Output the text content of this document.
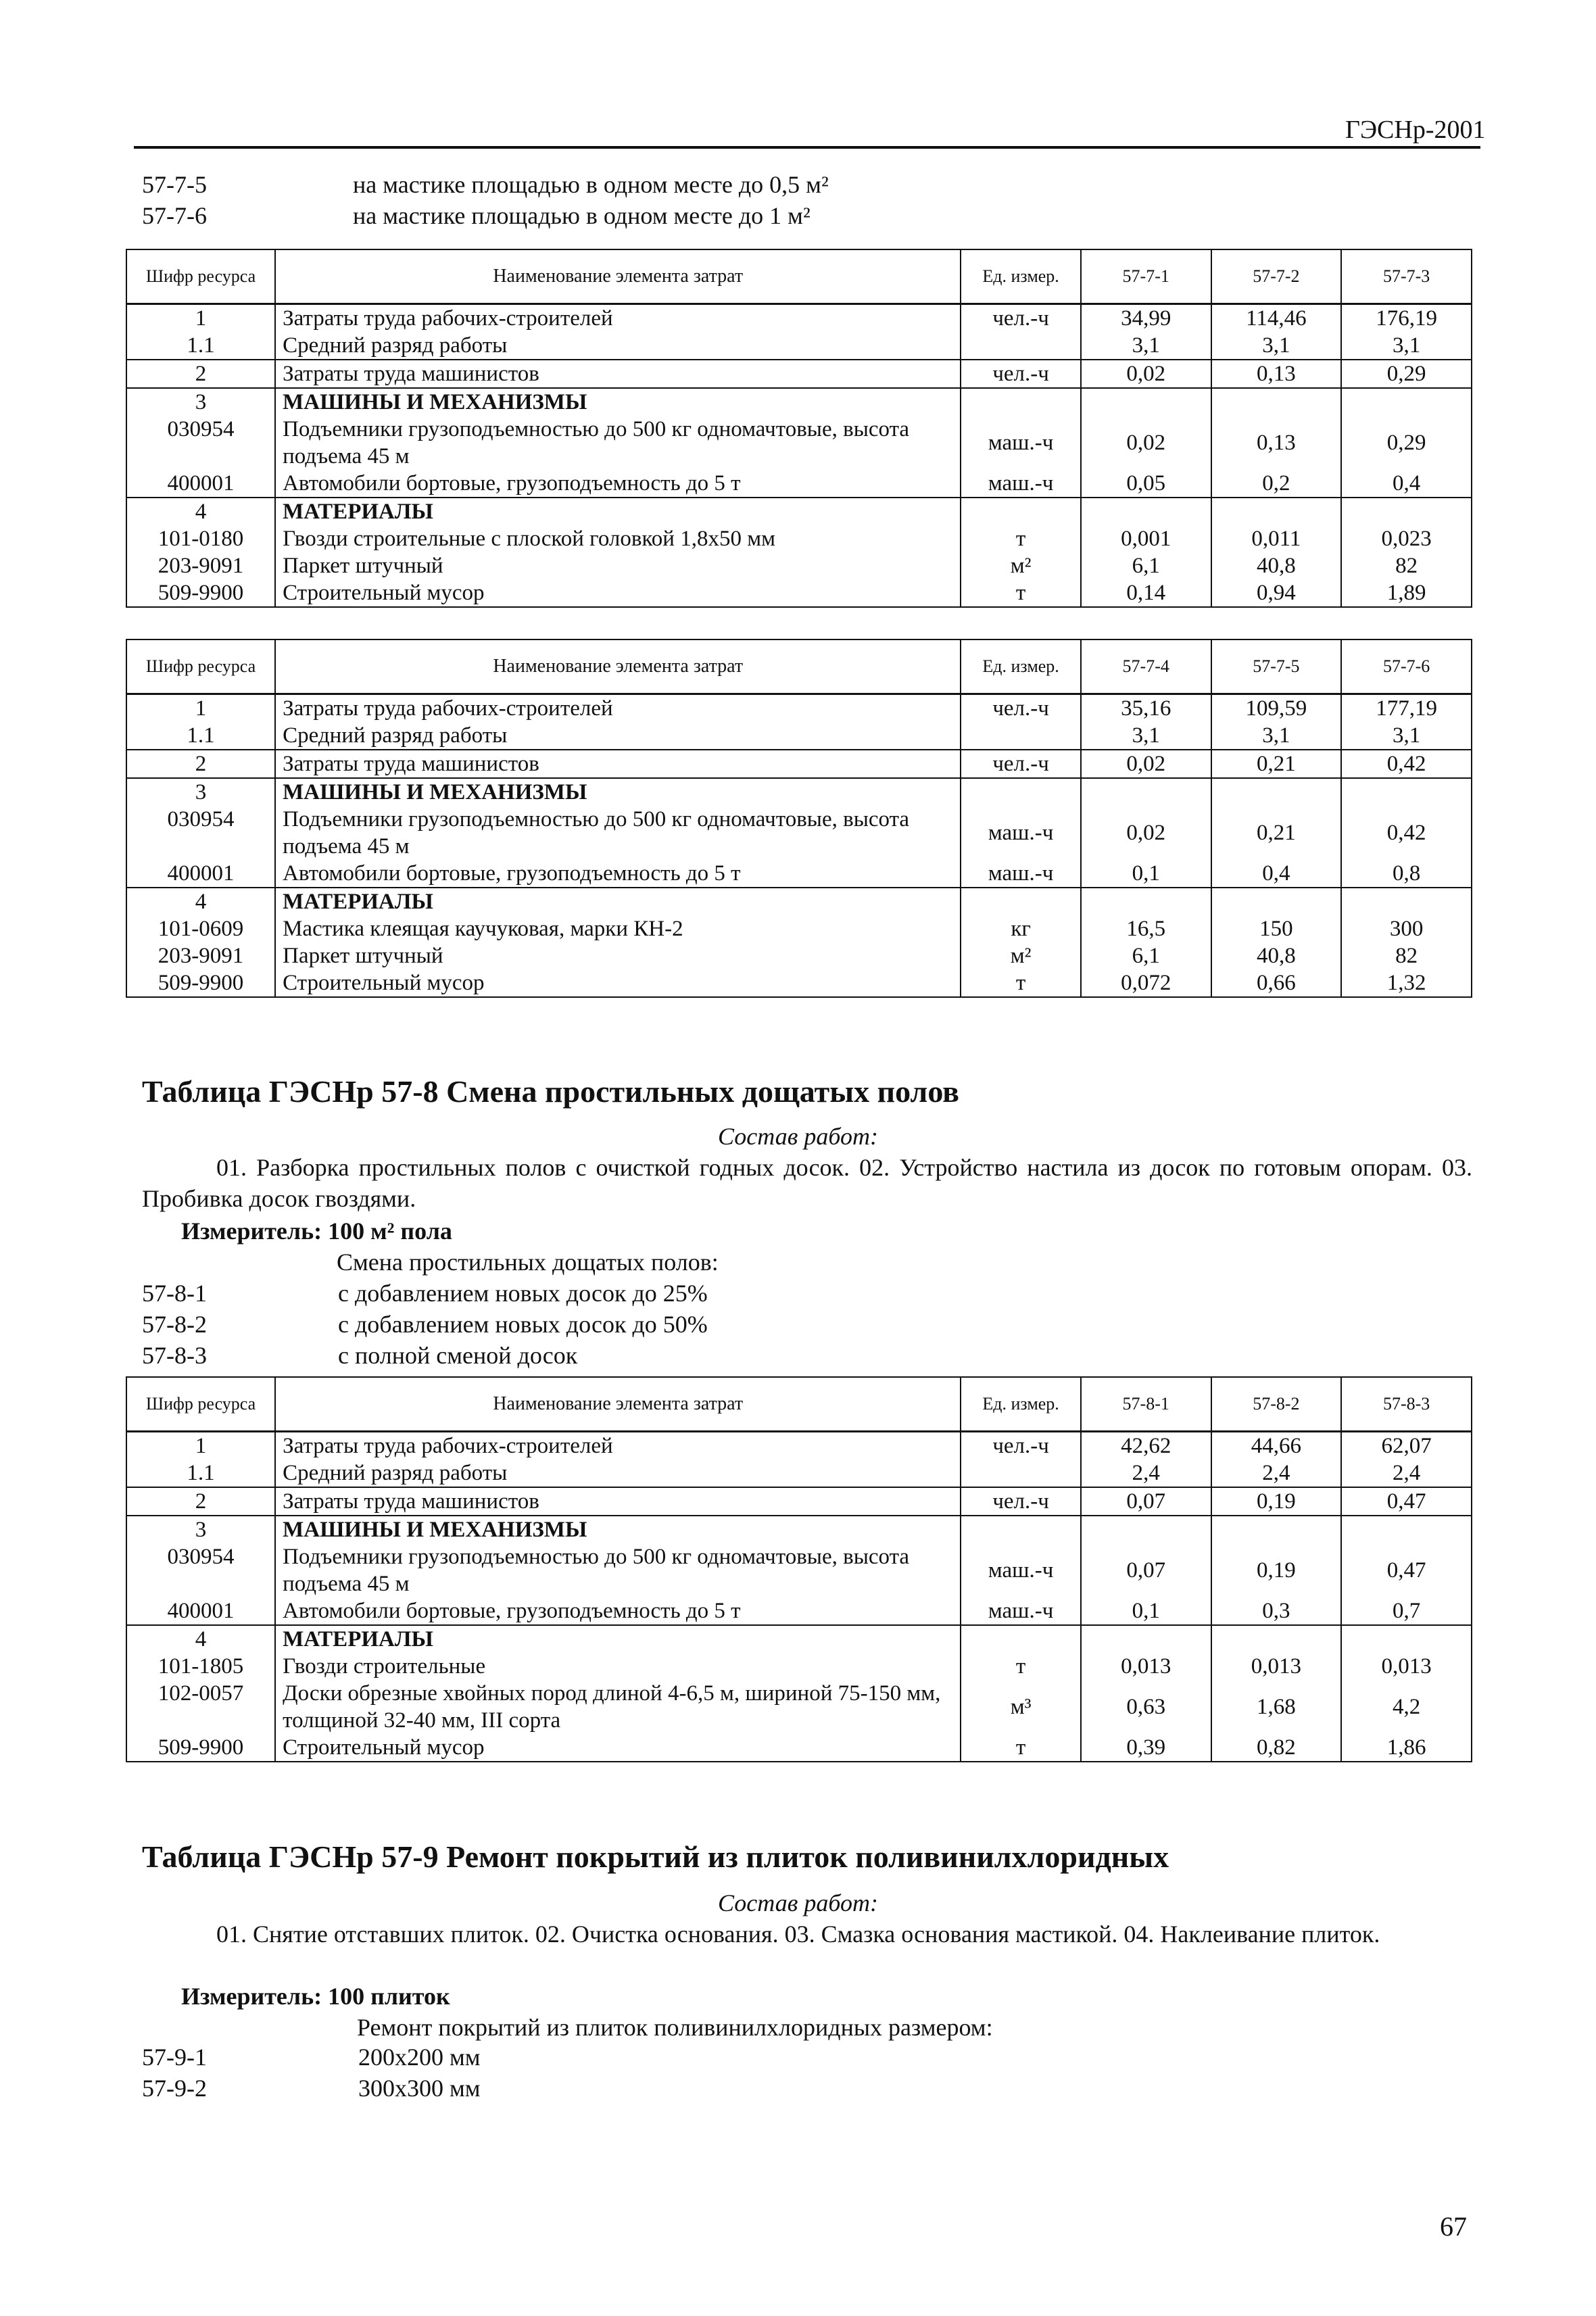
ГЭСНр-2001
57-7-5	на мастике площадью в одном месте до 0,5 м²
57-7-6	на мастике площадью в одном месте до 1 м²
Шифр ресурса	Наименование элемента затрат	Ед. измер.	57-7-1	57-7-2	57-7-3
1	Затраты труда рабочих-строителей	чел.-ч	34,99	114,46	176,19
1.1	Средний разряд работы		3,1	3,1	3,1
2	Затраты труда машинистов	чел.-ч	0,02	0,13	0,29
3	МАШИНЫ И МЕХАНИЗМЫ				
030954	Подъемники грузоподъемностью до 500 кг одномачтовые, высота подъема 45 м	маш.-ч	0,02	0,13	0,29
400001	Автомобили бортовые, грузоподъемность до 5 т	маш.-ч	0,05	0,2	0,4
4	МАТЕРИАЛЫ				
101-0180	Гвозди строительные с плоской головкой 1,8х50 мм	т	0,001	0,011	0,023
203-9091	Паркет штучный	м²	6,1	40,8	82
509-9900	Строительный мусор	т	0,14	0,94	1,89
Шифр ресурса	Наименование элемента затрат	Ед. измер.	57-7-4	57-7-5	57-7-6
1	Затраты труда рабочих-строителей	чел.-ч	35,16	109,59	177,19
1.1	Средний разряд работы		3,1	3,1	3,1
2	Затраты труда машинистов	чел.-ч	0,02	0,21	0,42
3	МАШИНЫ И МЕХАНИЗМЫ				
030954	Подъемники грузоподъемностью до 500 кг одномачтовые, высота подъема 45 м	маш.-ч	0,02	0,21	0,42
400001	Автомобили бортовые, грузоподъемность до 5 т	маш.-ч	0,1	0,4	0,8
4	МАТЕРИАЛЫ				
101-0609	Мастика клеящая каучуковая, марки КН-2	кг	16,5	150	300
203-9091	Паркет штучный	м²	6,1	40,8	82
509-9900	Строительный мусор	т	0,072	0,66	1,32
Таблица ГЭСНр 57-8 Смена простильных дощатых полов
Состав работ:
01. Разборка простильных полов с очисткой годных досок. 02. Устройство настила из досок по готовым опорам. 03. Пробивка досок гвоздями.
Измеритель: 100 м² пола
Смена простильных дощатых полов:
57-8-1	с добавлением новых досок до 25%
57-8-2	с добавлением новых досок до 50%
57-8-3	с полной сменой досок
Шифр ресурса	Наименование элемента затрат	Ед. измер.	57-8-1	57-8-2	57-8-3
1	Затраты труда рабочих-строителей	чел.-ч	42,62	44,66	62,07
1.1	Средний разряд работы		2,4	2,4	2,4
2	Затраты труда машинистов	чел.-ч	0,07	0,19	0,47
3	МАШИНЫ И МЕХАНИЗМЫ				
030954	Подъемники грузоподъемностью до 500 кг одномачтовые, высота подъема 45 м	маш.-ч	0,07	0,19	0,47
400001	Автомобили бортовые, грузоподъемность до 5 т	маш.-ч	0,1	0,3	0,7
4	МАТЕРИАЛЫ				
101-1805	Гвозди строительные	т	0,013	0,013	0,013
102-0057	Доски обрезные хвойных пород длиной 4-6,5 м, шириной 75-150 мм, толщиной 32-40 мм, III сорта	м³	0,63	1,68	4,2
509-9900	Строительный мусор	т	0,39	0,82	1,86
Таблица ГЭСНр 57-9 Ремонт покрытий из плиток поливинилхлоридных
Состав работ:
01. Снятие отставших плиток. 02. Очистка основания. 03. Смазка основания мастикой. 04. Наклеивание плиток.
Измеритель: 100 плиток
Ремонт покрытий из плиток поливинилхлоридных размером:
57-9-1	200х200 мм
57-9-2	300х300 мм
67
